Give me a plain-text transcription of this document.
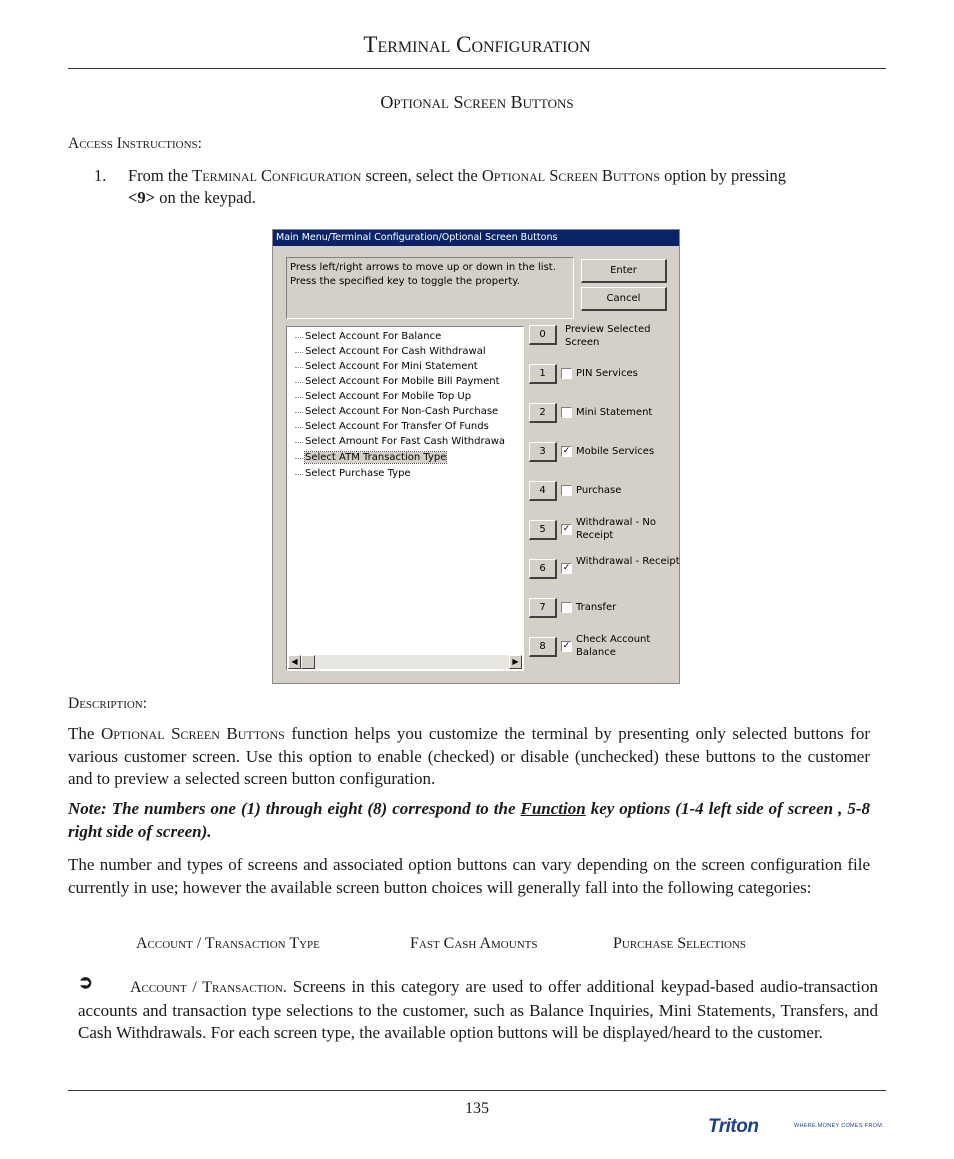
Terminal Configuration
Optional Screen Buttons
Access Instructions:
1. From the Terminal Configuration screen, select the Optional Screen Buttons option by pressing
<9> on the keypad.
Main Menu/Terminal Configuration/Optional Screen Buttons
Press left/right arrows to move up or down in the list. Press the specified key to toggle the property.
Enter
Cancel
Select Account For Balance
Select Account For Cash Withdrawal
Select Account For Mini Statement
Select Account For Mobile Bill Payment
Select Account For Mobile Top Up
Select Account For Non-Cash Purchase
Select Account For Transfer Of Funds
Select Amount For Fast Cash Withdrawa
Select ATM Transaction Type
Select Purchase Type
◀	▶
0	Preview Selected Screen
1	PIN Services
2	Mini Statement
3	✓ Mobile Services
4	Purchase
5	✓
Withdrawal - No Receipt
6	✓
Withdrawal - Receipt
7	Transfer
8	✓
Check Account Balance
Description:
The Optional Screen Buttons function helps you customize the terminal by presenting only selected buttons for various customer screen. Use this option to enable (checked) or disable (unchecked) these buttons to the customer and to preview a selected screen button configuration.
Note: The numbers one (1) through eight (8) correspond to the Function key options (1-4 left side of screen , 5-8 right side of screen).
The number and types of screens and associated option buttons can vary depending on the screen configuration file currently in use; however the available screen button choices will generally fall into the following categories:
Account / Transaction Type	Fast Cash Amounts	Purchase Selections
➲	Account / Transaction. Screens in this category are used to offer additional keypad-based audio-transaction accounts and transaction type selections to the customer, such as Balance Inquiries, Mini Statements, Transfers, and Cash Withdrawals. For each screen type, the available option buttons will be displayed/heard to the customer.
135
Triton	WHERE MONEY COMES FROM.
